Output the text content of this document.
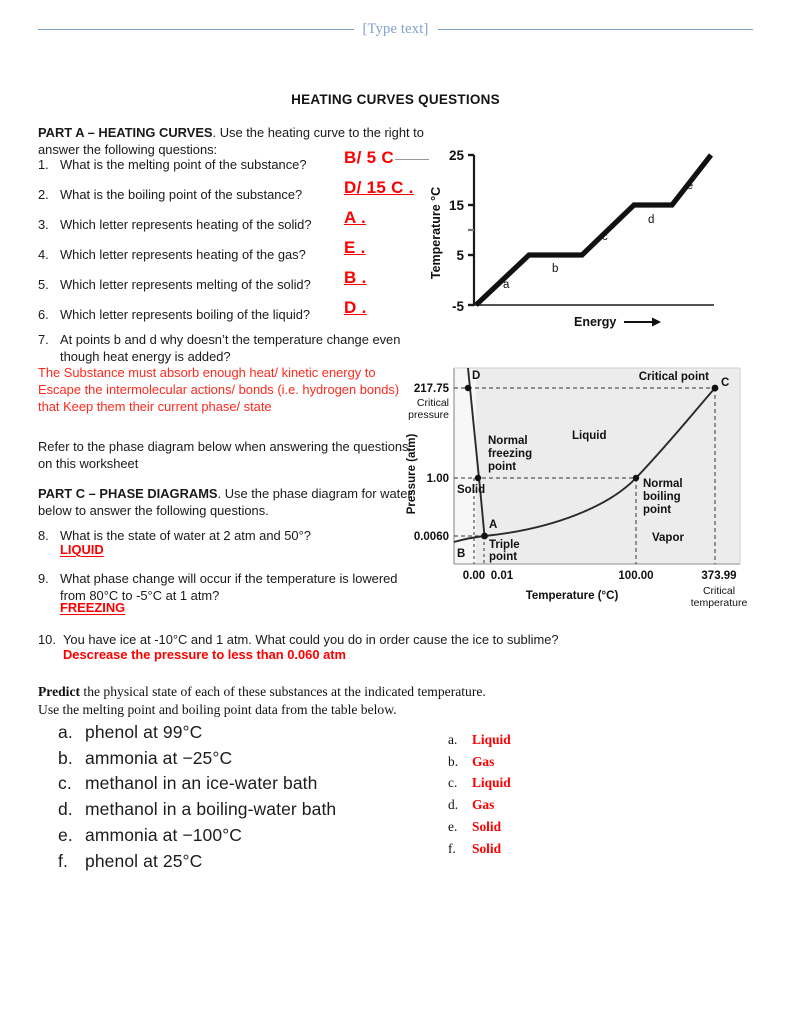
[Type text]
HEATING CURVES QUESTIONS
PART A – HEATING CURVES. Use the heating curve to the right to answer the following questions:
1. What is the melting point of the substance?	B/ 5 C
2. What is the boiling point of the substance?	D/ 15 C .
3. Which letter represents heating of the solid?	A .
4. Which letter represents heating of the gas?	E .
5. Which letter represents melting of the solid?	B .
6. Which letter represents boiling of the liquid?	D .
7. At points b and d why doesn’t the temperature change even though heat energy is added?
The Substance must absorb enough heat/ kinetic energy to Escape the intermolecular actions/ bonds (i.e. hydrogen bonds) that Keep them their current phase/ state
Refer to the phase diagram below when answering the questions on this worksheet
PART C – PHASE DIAGRAMS. Use the phase diagram for water below to answer the following questions.
8. What is the state of water at 2 atm and 50°?
LIQUID
9. What phase change will occur if the temperature is lowered from 80°C to -5°C at 1 atm?
FREEZING
10. You have ice at -10°C and 1 atm. What could you do in order cause the ice to sublime?
Descrease the pressure to less than 0.060 atm
Predict the physical state of each of these substances at the indicated temperature.
Use the melting point and boiling point data from the table below.
a. phenol at 99°C
b. ammonia at −25°C
c. methanol in an ice-water bath
d. methanol in a boiling-water bath
e. ammonia at −100°C
f. phenol at 25°C
a.	Liquid
b.	Gas
c.	Liquid
d.	Gas
e.	Solid
f.	Solid
25
15
5
-5
Temperature °C
a
b
c
d
e
Energy
217.75
1.00
0.0060
Critical
pressure
Pressure (atm)
0.00 0.01	100.00	373.99
Critical
temperature
Temperature (°C)
Solid
Liquid
Vapor
D
B
A
C
Triple
point
Normal
freezing
point
Normal
boiling
point
Critical point
